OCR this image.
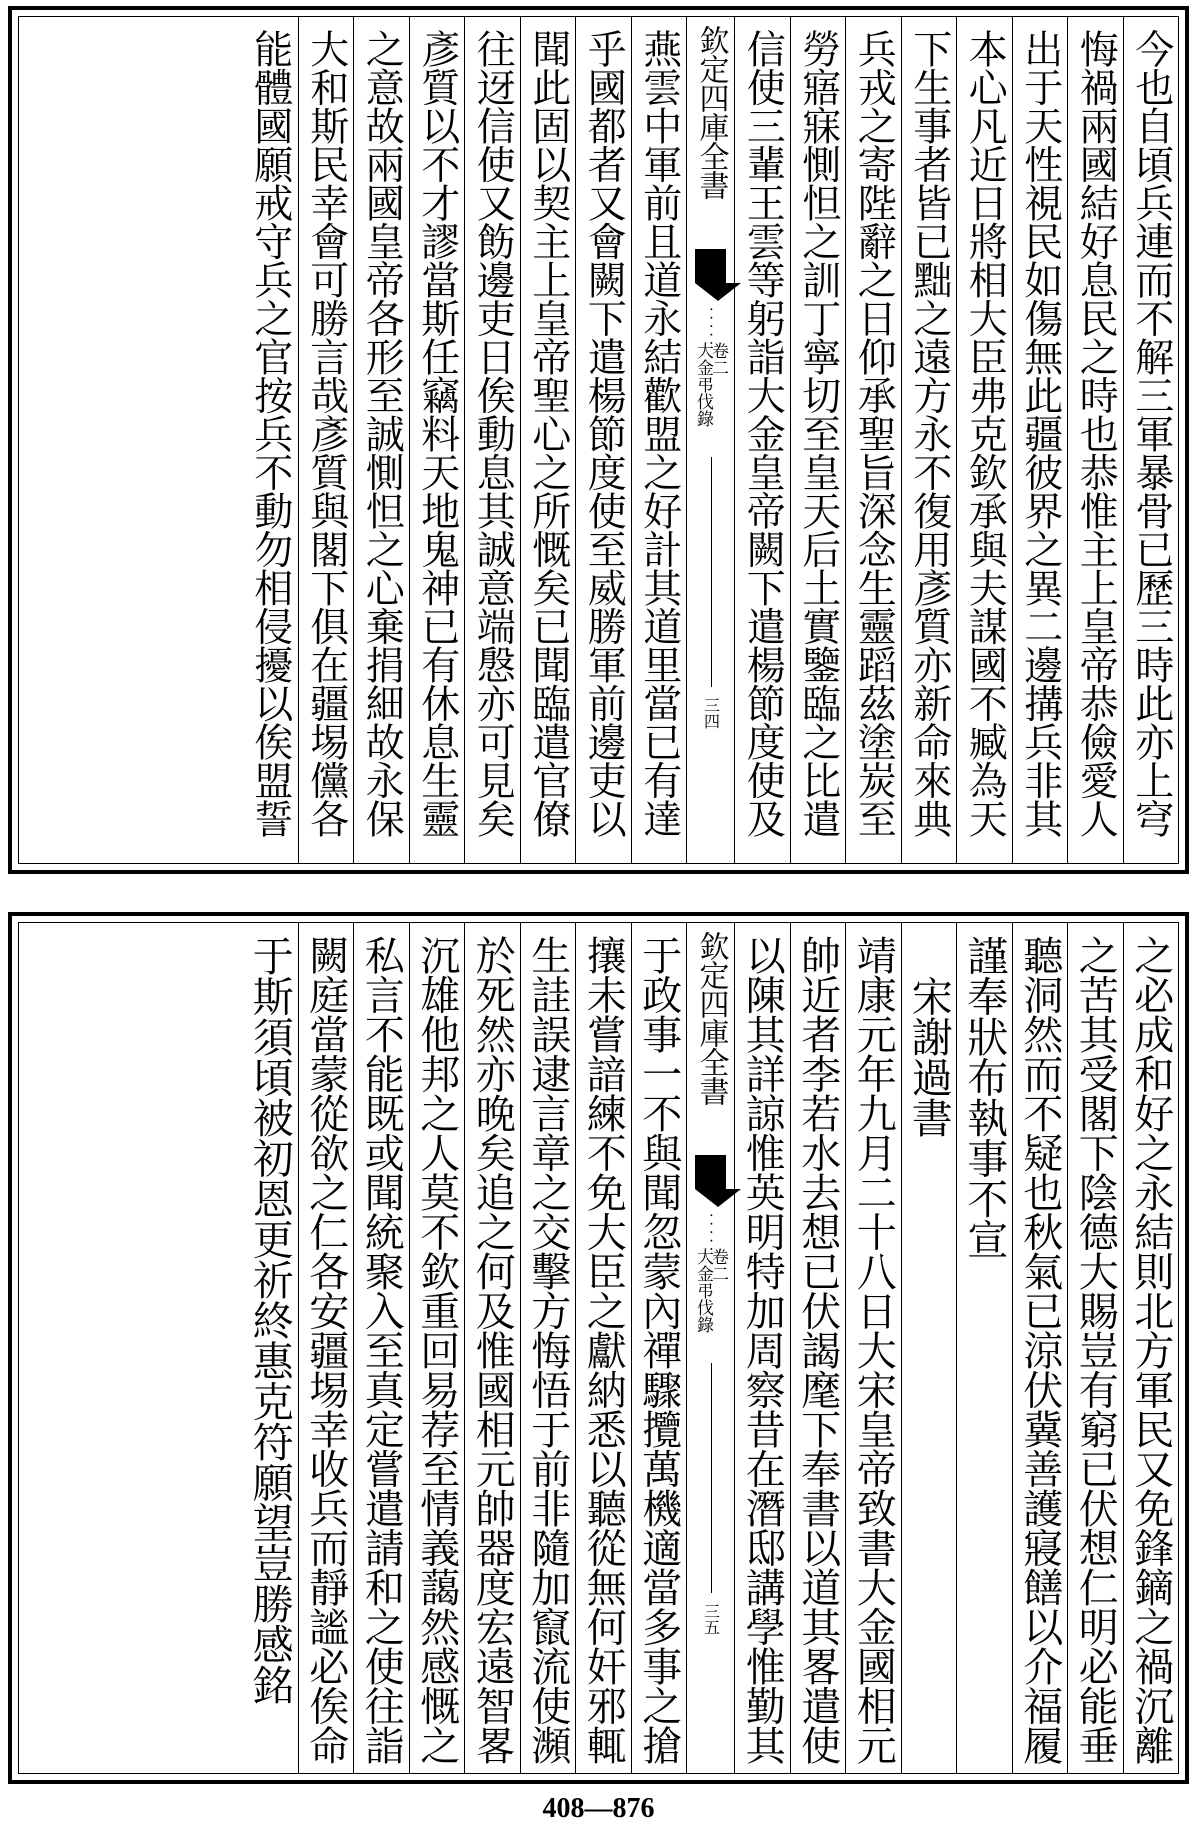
今也自頃兵連而不解三軍暴骨已歷三時此亦上穹
悔禍兩國結好息民之時也恭惟主上皇帝恭儉愛人
出于天性視民如傷無此疆彼界之異二邊搆兵非其
本心凡近日將相大臣弗克欽承與夫謀國不臧為天
下生事者皆已黜之遠方永不復用彥質亦新命來典
兵戎之寄陛辭之日仰承聖旨深念生靈蹈茲塗炭至
勞寤寐惻怛之訓丁寧切至皇天后土實鑒臨之比遣
信使三輩王雲等躬詣大金皇帝闕下遣楊節度使及
欽定四庫全書
·····
大金弔伐錄
卷二
三四
燕雲中軍前且道永結歡盟之好計其道里當已有達
乎國都者又會闕下遣楊節度使至威勝軍前邊吏以
聞此固以契主上皇帝聖心之所慨矣已聞臨遣官僚
往迓信使又飭邊吏日俟動息其誠意端慇亦可見矣
彥質以不才謬當斯任竊料天地鬼神已有休息生靈
之意故兩國皇帝各形至誠惻怛之心棄捐細故永保
大和斯民幸會可勝言哉彥質與閣下俱在疆埸儻各
能體國願戒守兵之官按兵不動勿相侵擾以俟盟誓
之必成和好之永結則北方軍民又免鋒鏑之禍沉離
之苦其受閣下陰德大賜豈有窮已伏想仁明必能垂
聽洞然而不疑也秋氣已涼伏冀善護寢饍以介福履
謹奉狀布執事不宣
　宋謝過書
靖康元年九月二十八日大宋皇帝致書大金國相元
帥近者李若水去想已伏謁麾下奉書以道其畧遣使
以陳其詳諒惟英明特加周察昔在潛邸講學惟勤其
欽定四庫全書
·····
大金弔伐錄
卷二
三五
于政事一不與聞忽蒙內禪驟攬萬機適當多事之搶
攘未嘗諳練不免大臣之獻納悉以聽從無何奸邪輒
生詿誤逮言章之交擊方悔悟于前非隨加竄流使瀕
於死然亦晚矣追之何及惟國相元帥器度宏遠智畧
沉雄他邦之人莫不欽重回易荐至情義藹然感慨之
私言不能既或聞統聚入至真定嘗遣請和之使往詣
闕庭當蒙從欲之仁各安疆埸幸收兵而靜謐必俟命
于斯須頃被初恩更祈終惠克符願望豈勝感銘
408—876
